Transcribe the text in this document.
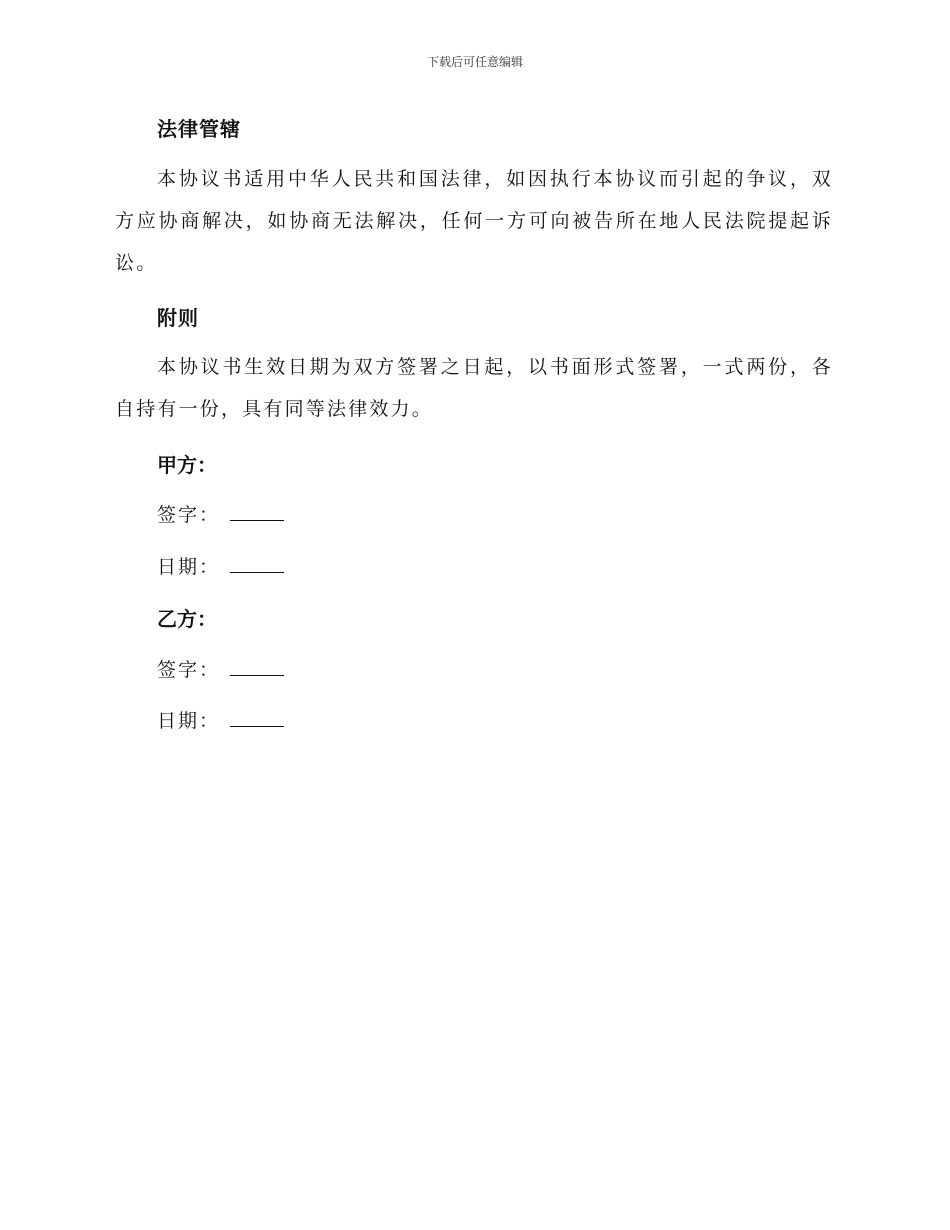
下载后可任意编辑
法律管辖
本协议书适用中华人民共和国法律，如因执行本协议而引起的争议，双方应协商解决，如协商无法解决，任何一方可向被告所在地人民法院提起诉讼。
附则
本协议书生效日期为双方签署之日起，以书面形式签署，一式两份，各自持有一份，具有同等法律效力。
甲方：
签字：
日期：
乙方：
签字：
日期：
